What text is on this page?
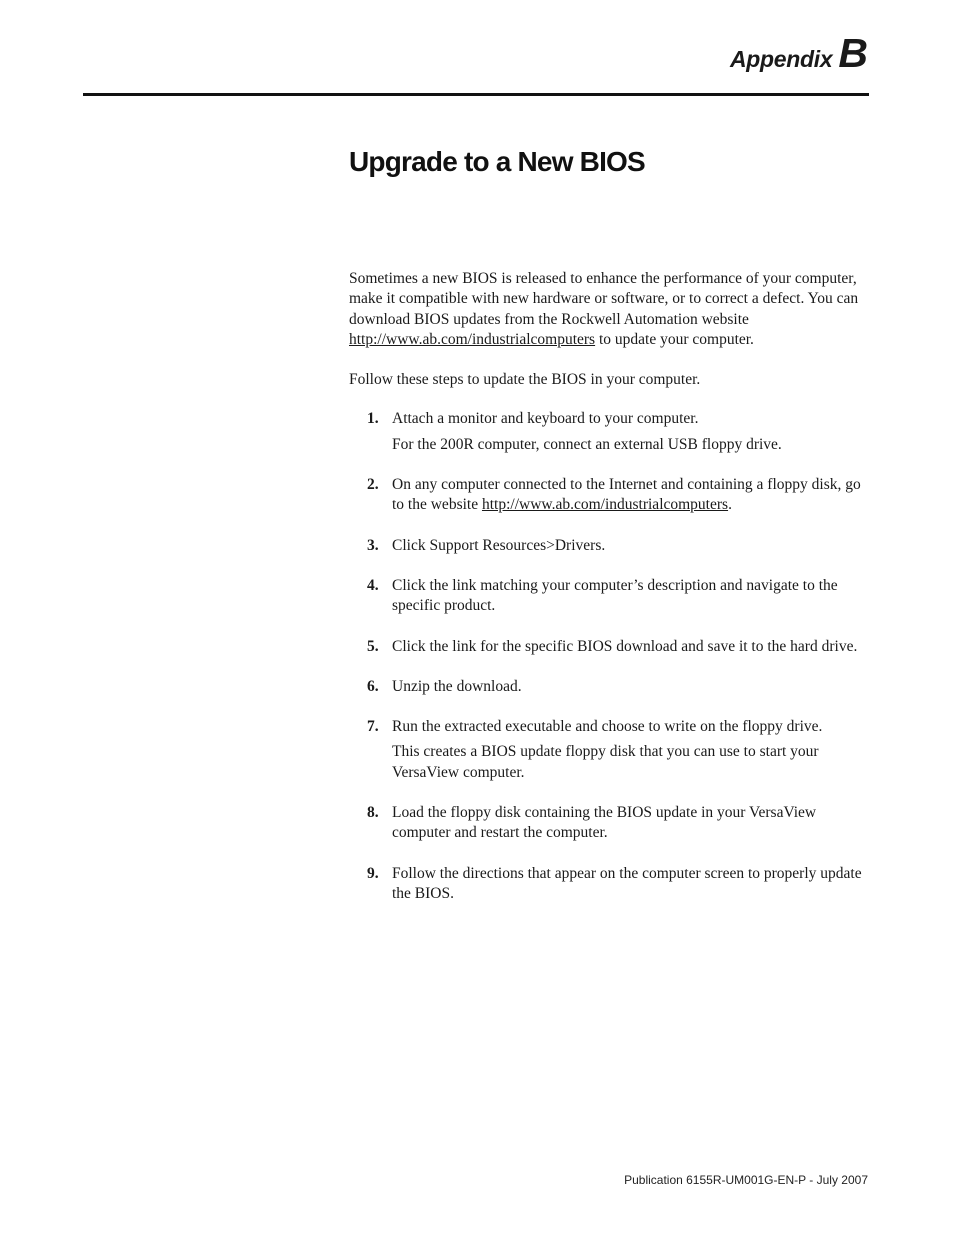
Appendix B
Upgrade to a New BIOS

Sometimes a new BIOS is released to enhance the performance of your computer, make it compatible with new hardware or software, or to correct a defect. You can download BIOS updates from the Rockwell Automation website http://www.ab.com/industrialcomputers to update your computer.

Follow these steps to update the BIOS in your computer.

1. Attach a monitor and keyboard to your computer.

For the 200R computer, connect an external USB floppy drive.

2. On any computer connected to the Internet and containing a floppy disk, go to the website http://www.ab.com/industrialcomputers.

3. Click Support Resources>Drivers.

4. Click the link matching your computer’s description and navigate to the specific product.

5. Click the link for the specific BIOS download and save it to the hard drive.

6. Unzip the download.

7. Run the extracted executable and choose to write on the floppy drive.

This creates a BIOS update floppy disk that you can use to start your VersaView computer.

8. Load the floppy disk containing the BIOS update in your VersaView computer and restart the computer.

9. Follow the directions that appear on the computer screen to properly update the BIOS.

Publication 6155R-UM001G-EN-P - July 2007
